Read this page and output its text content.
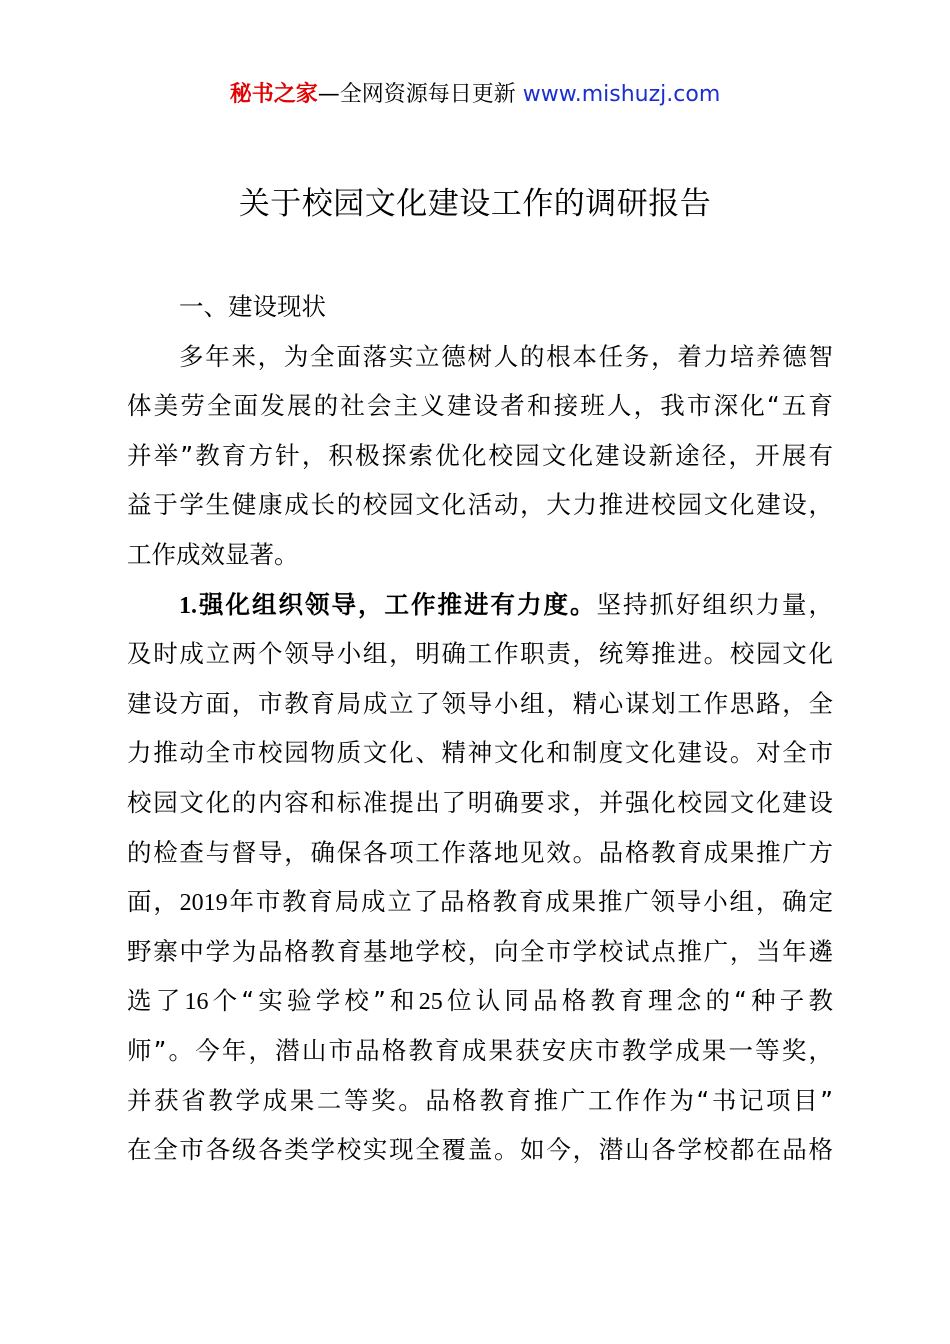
秘书之家—全网资源每日更新 www.mishuzj.com
关于校园文化建设工作的调研报告
一、建设现状
多年来，为全面落实立德树人的根本任务，着力培养德智
体美劳全面发展的社会主义建设者和接班人，我市深化“五育
并举”教育方针，积极探索优化校园文化建设新途径，开展有
益于学生健康成长的校园文化活动，大力推进校园文化建设，
工作成效显著。
1.强化组织领导，工作推进有力度。坚持抓好组织力量，
及时成立两个领导小组，明确工作职责，统筹推进。校园文化
建设方面，市教育局成立了领导小组，精心谋划工作思路，全
力推动全市校园物质文化、精神文化和制度文化建设。对全市
校园文化的内容和标准提出了明确要求，并强化校园文化建设
的检查与督导，确保各项工作落地见效。品格教育成果推广方
面，2019年市教育局成立了品格教育成果推广领导小组，确定
野寨中学为品格教育基地学校，向全市学校试点推广，当年遴
选了16个“实验学校”和25位认同品格教育理念的“种子教
师”。今年，潜山市品格教育成果获安庆市教学成果一等奖，
并获省教学成果二等奖。品格教育推广工作作为“书记项目”
在全市各级各类学校实现全覆盖。如今，潜山各学校都在品格
